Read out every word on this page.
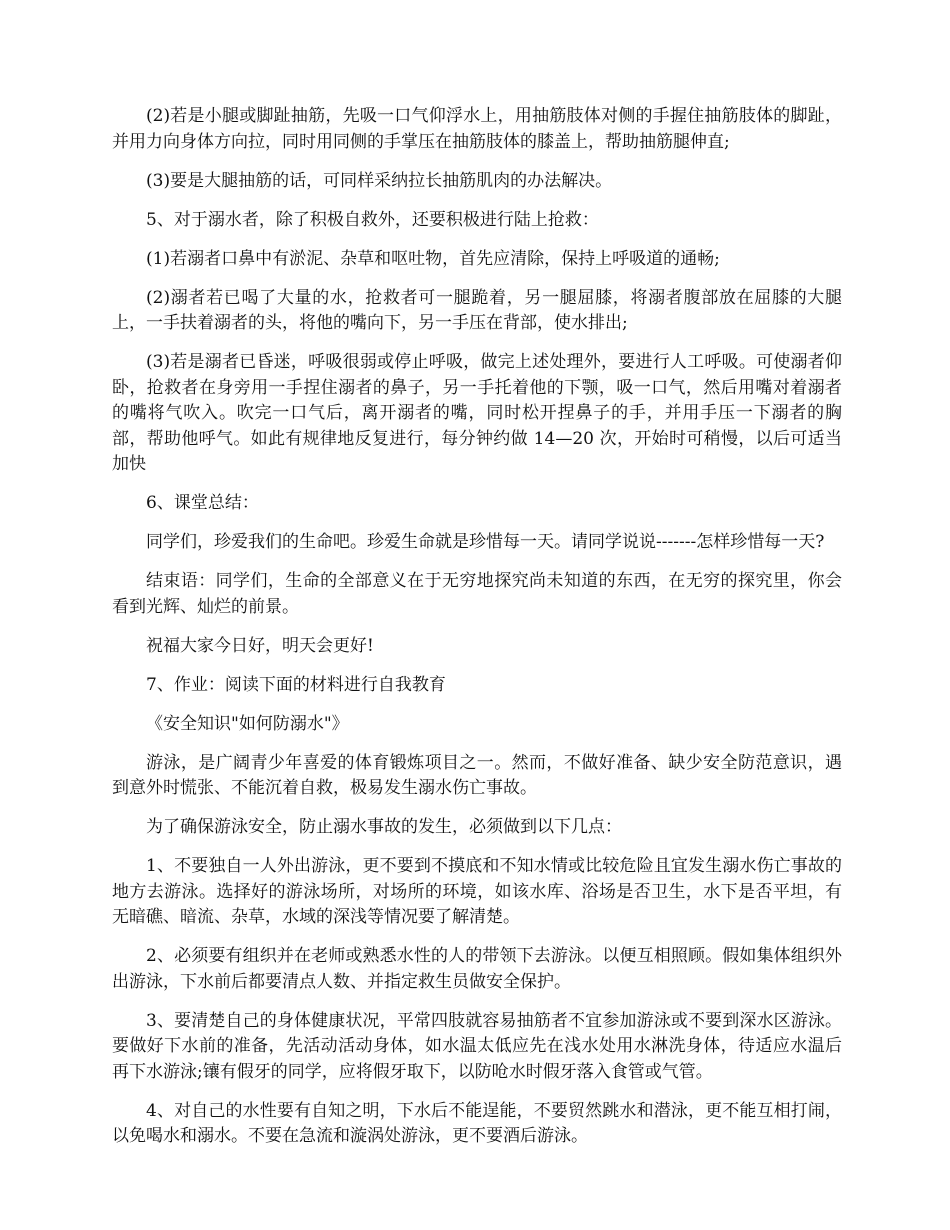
(2)若是小腿或脚趾抽筋，先吸一口气仰浮水上，用抽筋肢体对侧的手握住抽筋肢体的脚趾，并用力向身体方向拉，同时用同侧的手掌压在抽筋肢体的膝盖上，帮助抽筋腿伸直;

(3)要是大腿抽筋的话，可同样采纳拉长抽筋肌肉的办法解决。

5、对于溺水者，除了积极自救外，还要积极进行陆上抢救：

(1)若溺者口鼻中有淤泥、杂草和呕吐物，首先应清除，保持上呼吸道的通畅;

(2)溺者若已喝了大量的水，抢救者可一腿跪着，另一腿屈膝，将溺者腹部放在屈膝的大腿上，一手扶着溺者的头，将他的嘴向下，另一手压在背部，使水排出;

(3)若是溺者已昏迷，呼吸很弱或停止呼吸，做完上述处理外，要进行人工呼吸。可使溺者仰卧，抢救者在身旁用一手捏住溺者的鼻子，另一手托着他的下颚，吸一口气，然后用嘴对着溺者的嘴将气吹入。吹完一口气后，离开溺者的嘴，同时松开捏鼻子的手，并用手压一下溺者的胸部，帮助他呼气。如此有规律地反复进行，每分钟约做 14—20 次，开始时可稍慢，以后可适当加快

6、课堂总结：

同学们，珍爱我们的生命吧。珍爱生命就是珍惜每一天。请同学说说-------怎样珍惜每一天?

结束语：同学们，生命的全部意义在于无穷地探究尚未知道的东西，在无穷的探究里，你会看到光辉、灿烂的前景。

祝福大家今日好，明天会更好!

7、作业：阅读下面的材料进行自我教育

《安全知识"如何防溺水"》

游泳，是广阔青少年喜爱的体育锻炼项目之一。然而，不做好准备、缺少安全防范意识，遇到意外时慌张、不能沉着自救，极易发生溺水伤亡事故。

为了确保游泳安全，防止溺水事故的发生，必须做到以下几点：

1、不要独自一人外出游泳，更不要到不摸底和不知水情或比较危险且宜发生溺水伤亡事故的地方去游泳。选择好的游泳场所，对场所的环境，如该水库、浴场是否卫生，水下是否平坦，有无暗礁、暗流、杂草，水域的深浅等情况要了解清楚。

2、必须要有组织并在老师或熟悉水性的人的带领下去游泳。以便互相照顾。假如集体组织外出游泳，下水前后都要清点人数、并指定救生员做安全保护。

3、要清楚自己的身体健康状况，平常四肢就容易抽筋者不宜参加游泳或不要到深水区游泳。要做好下水前的准备，先活动活动身体，如水温太低应先在浅水处用水淋洗身体，待适应水温后再下水游泳;镶有假牙的同学，应将假牙取下，以防呛水时假牙落入食管或气管。

4、对自己的水性要有自知之明，下水后不能逞能，不要贸然跳水和潜泳，更不能互相打闹，以免喝水和溺水。不要在急流和漩涡处游泳，更不要酒后游泳。
